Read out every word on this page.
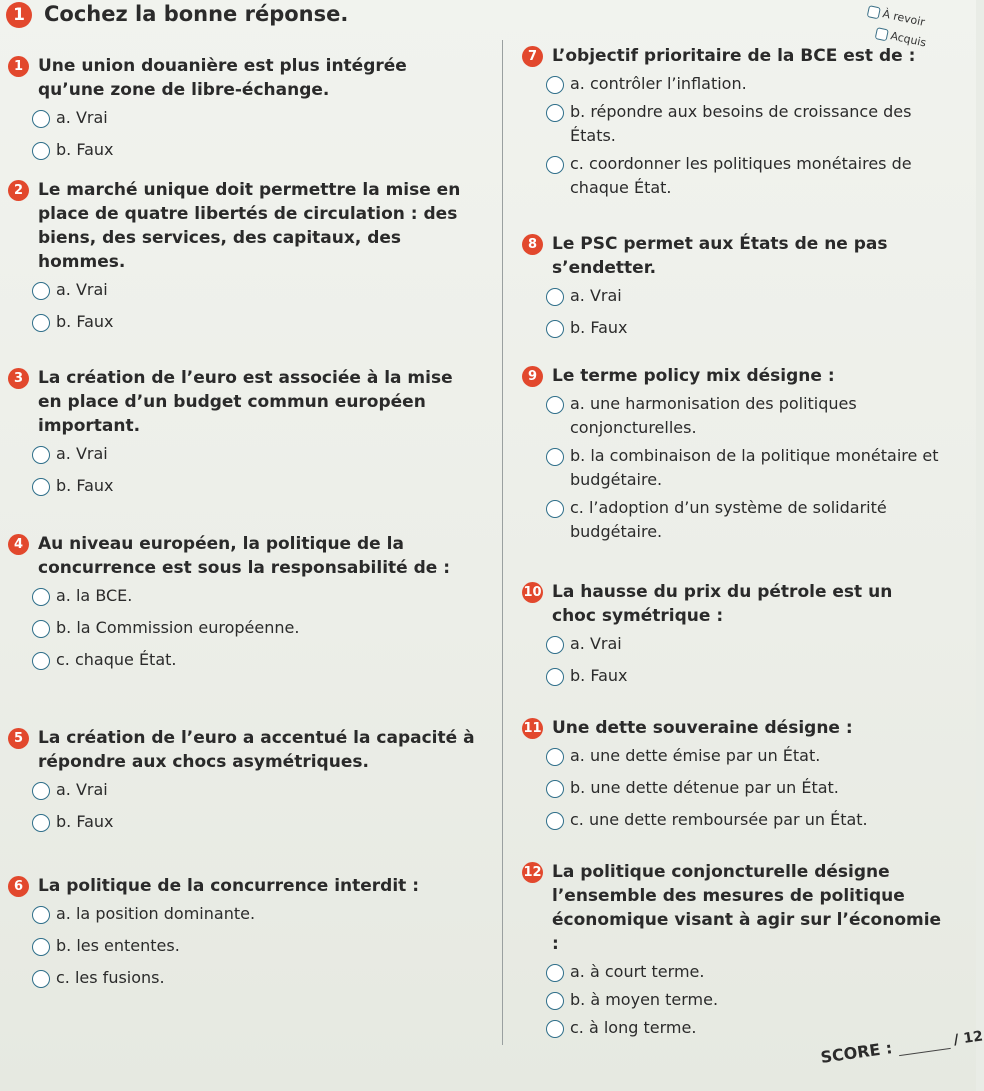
1 Cochez la bonne réponse.	À revoir
Acquis
1 Une union douanière est plus intégrée qu’une zone de libre-échange.
a. Vrai
b. Faux
2 Le marché unique doit permettre la mise en place de quatre libertés de circulation : des biens, des services, des capitaux, des hommes.
a. Vrai
b. Faux
3 La création de l’euro est associée à la mise en place d’un budget commun européen important.
a. Vrai
b. Faux
4 Au niveau européen, la politique de la concurrence est sous la responsabilité de :
a. la BCE.
b. la Commission européenne.
c. chaque État.
5 La création de l’euro a accentué la capacité à répondre aux chocs asymétriques.
a. Vrai
b. Faux
6 La politique de la concurrence interdit :
a. la position dominante.
b. les ententes.
c. les fusions.
7 L’objectif prioritaire de la BCE est de :
a. contrôler l’inflation.
b. répondre aux besoins de croissance des États.
c. coordonner les politiques monétaires de chaque État.
8 Le PSC permet aux États de ne pas s’endetter.
a. Vrai
b. Faux
9 Le terme policy mix désigne :
a. une harmonisation des politiques conjoncturelles.
b. la combinaison de la politique monétaire et budgétaire.
c. l’adoption d’un système de solidarité budgétaire.
10 La hausse du prix du pétrole est un choc symétrique :
a. Vrai
b. Faux
11 Une dette souveraine désigne :
a. une dette émise par un État.
b. une dette détenue par un État.
c. une dette remboursée par un État.
12 La politique conjoncturelle désigne l’ensemble des mesures de politique économique visant à agir sur l’économie :
a. à court terme.
b. à moyen terme.
c. à long terme.
SCORE :	/ 12
